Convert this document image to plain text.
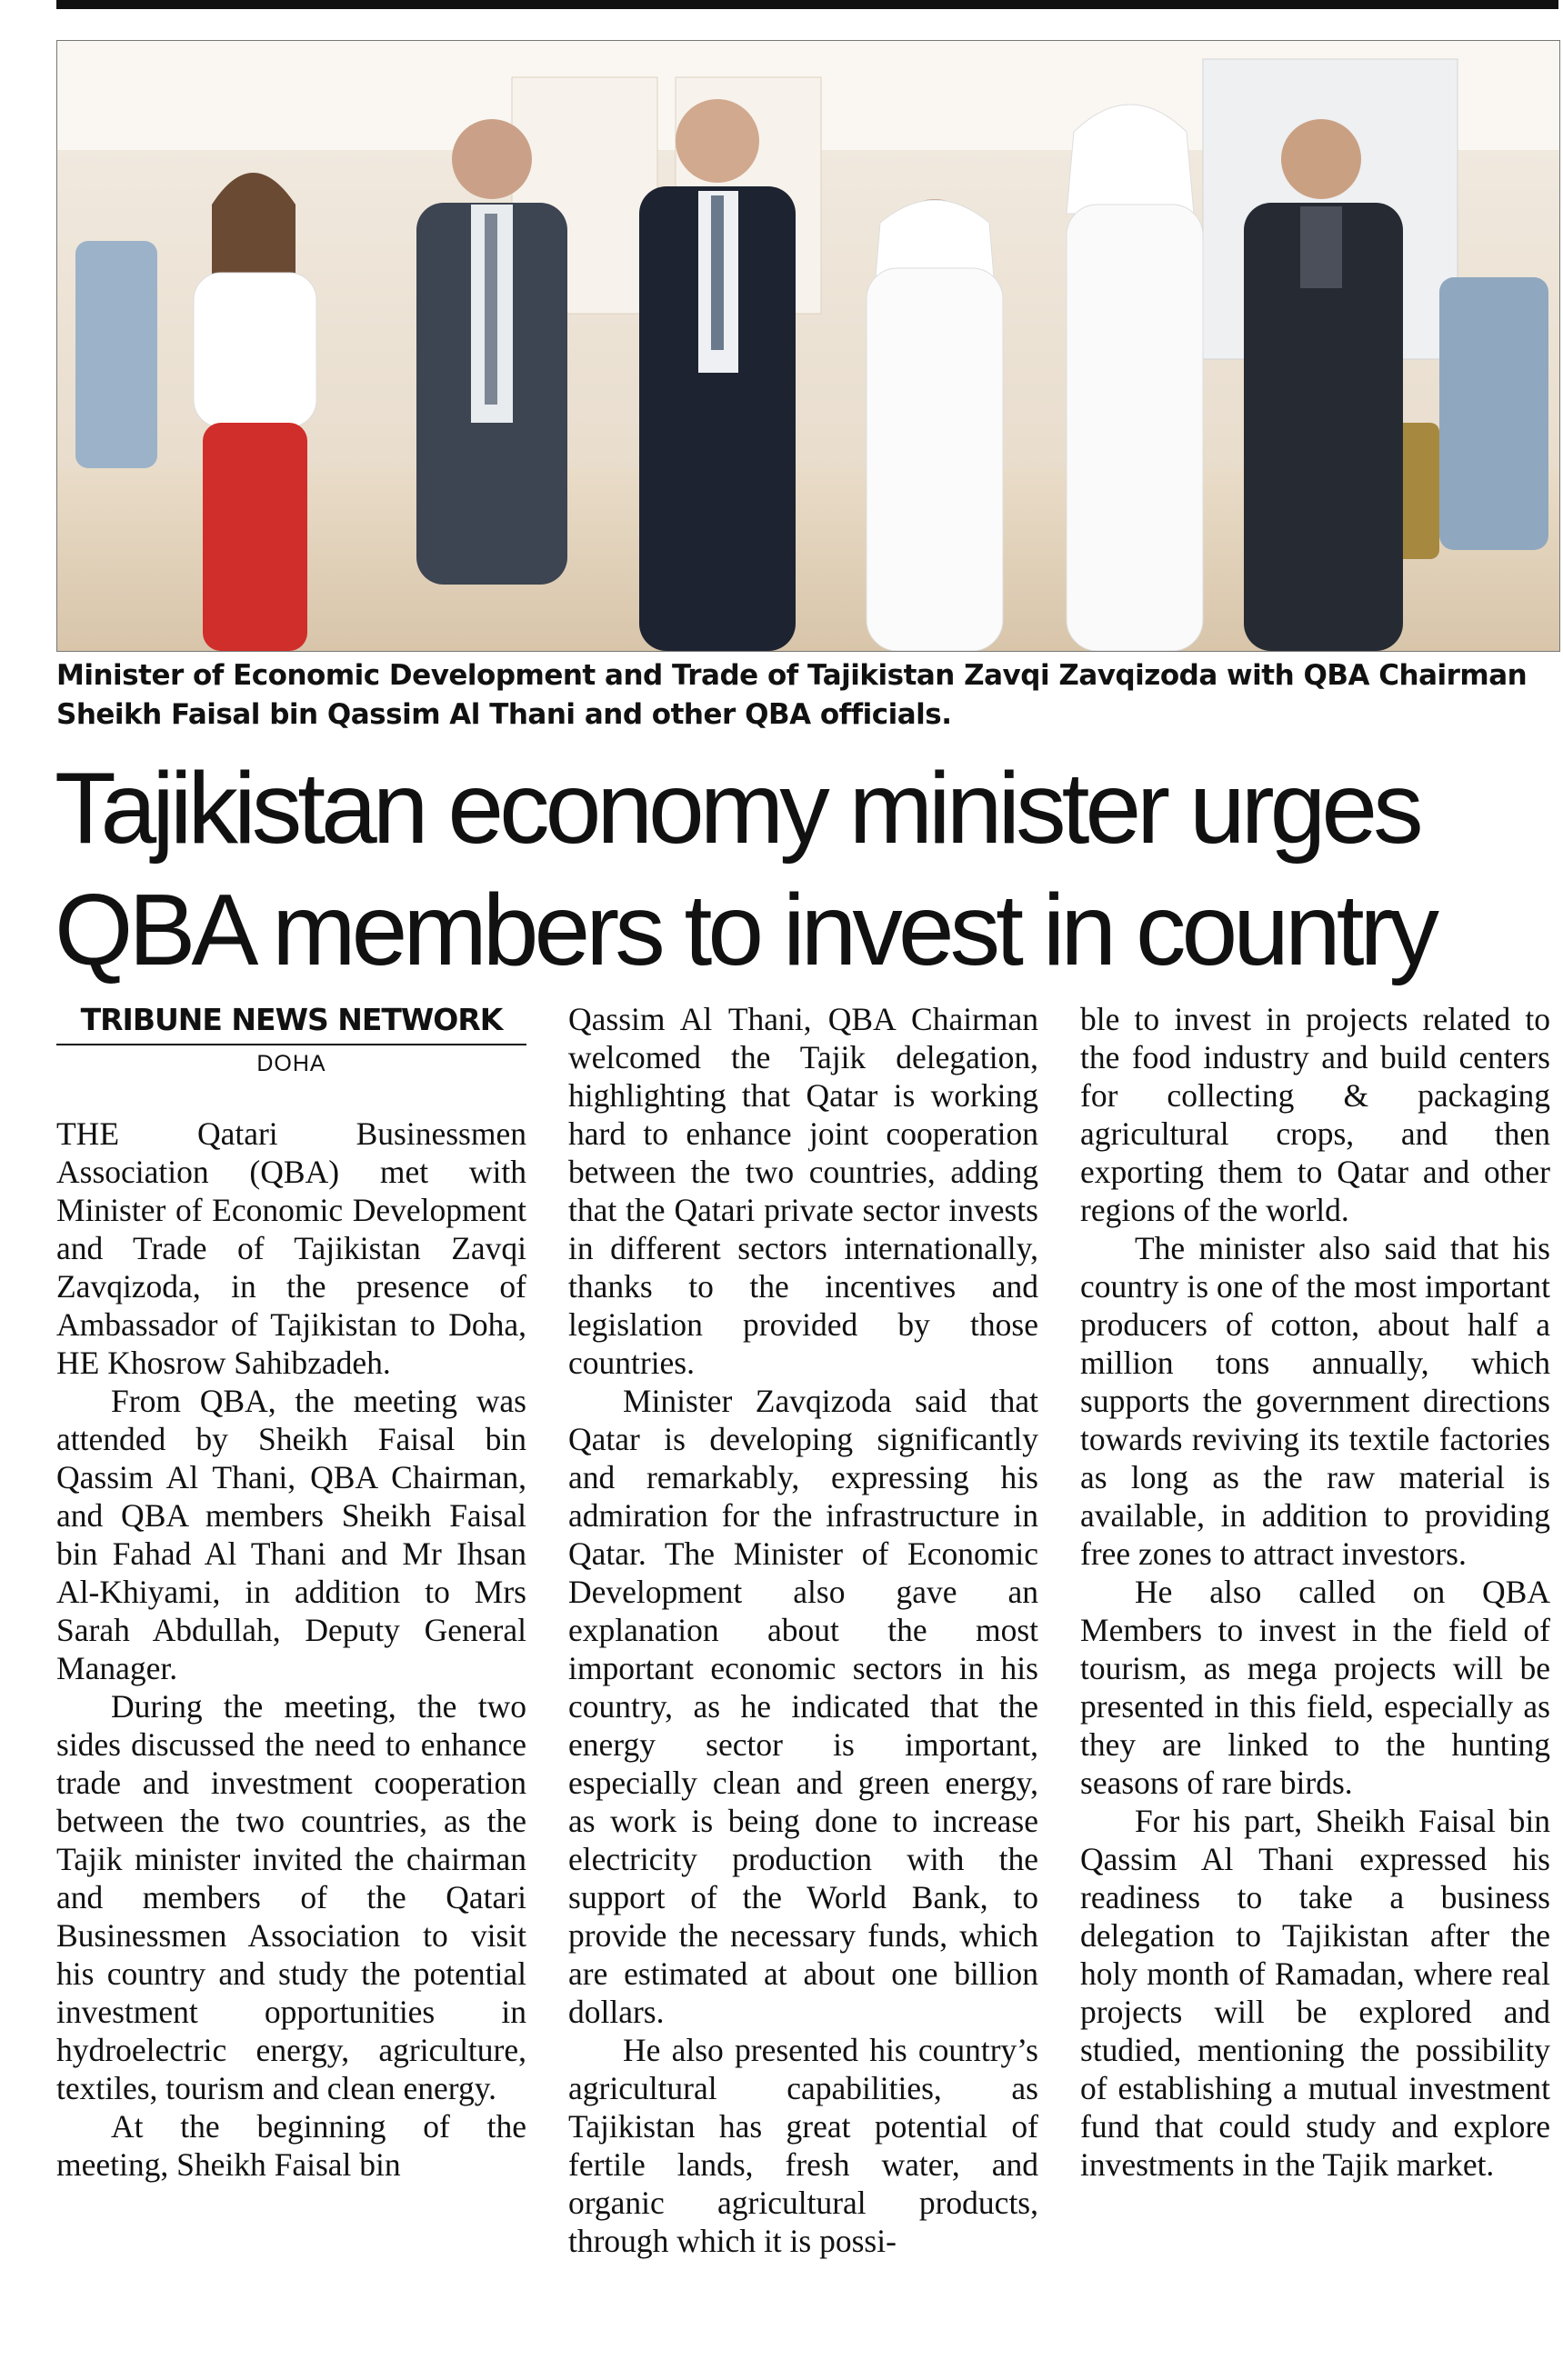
Minister of Economic Development and Trade of Tajikistan Zavqi Zavqizoda with QBA Chairman Sheikh Faisal bin Qassim Al Thani and other QBA officials.
Tajikistan economy minister urges
QBA members to invest in country
TRIBUNE NEWS NETWORK
DOHA

THE Qatari Businessmen Association (QBA) met with Minister of Economic Development and Trade of Tajikistan Zavqi Zavqizoda, in the presence of Ambassador of Tajikistan to Doha, HE Khosrow Sahibzadeh.

From QBA, the meeting was attended by Sheikh Faisal bin Qassim Al Thani, QBA Chairman, and QBA members Sheikh Faisal bin Fahad Al Thani and Mr Ihsan Al-Khiyami, in addition to Mrs Sarah Abdullah, Deputy General Manager.

During the meeting, the two sides discussed the need to enhance trade and investment cooperation between the two countries, as the Tajik minister invited the chairman and members of the Qatari Businessmen Association to visit his country and study the potential investment opportunities in hydroelectric energy, agriculture, textiles, tourism and clean energy.

At the beginning of the meeting, Sheikh Faisal bin

Qassim Al Thani, QBA Chairman welcomed the Tajik delegation, highlighting that Qatar is working hard to enhance joint cooperation between the two countries, adding that the Qatari private sector invests in different sectors internationally, thanks to the incentives and legislation provided by those countries.

Minister Zavqizoda said that Qatar is developing significantly and remarkably, expressing his admiration for the infrastructure in Qatar. The Minister of Economic Development also gave an explanation about the most important economic sectors in his country, as he indicated that the energy sector is important, especially clean and green energy, as work is being done to increase electricity production with the support of the World Bank, to provide the necessary funds, which are estimated at about one billion dollars.

He also presented his country’s agricultural capabilities, as Tajikistan has great potential of fertile lands, fresh water, and organic agricultural products, through which it is possi-

ble to invest in projects related to the food industry and build centers for collecting & packaging agricultural crops, and then exporting them to Qatar and other regions of the world.

The minister also said that his country is one of the most important producers of cotton, about half a million tons annually, which supports the government directions towards reviving its textile factories as long as the raw material is available, in addition to providing free zones to attract investors.

He also called on QBA Members to invest in the field of tourism, as mega projects will be presented in this field, especially as they are linked to the hunting seasons of rare birds.

For his part, Sheikh Faisal bin Qassim Al Thani expressed his readiness to take a business delegation to Tajikistan after the holy month of Ramadan, where real projects will be explored and studied, mentioning the possibility of establishing a mutual investment fund that could study and explore investments in the Tajik market.
